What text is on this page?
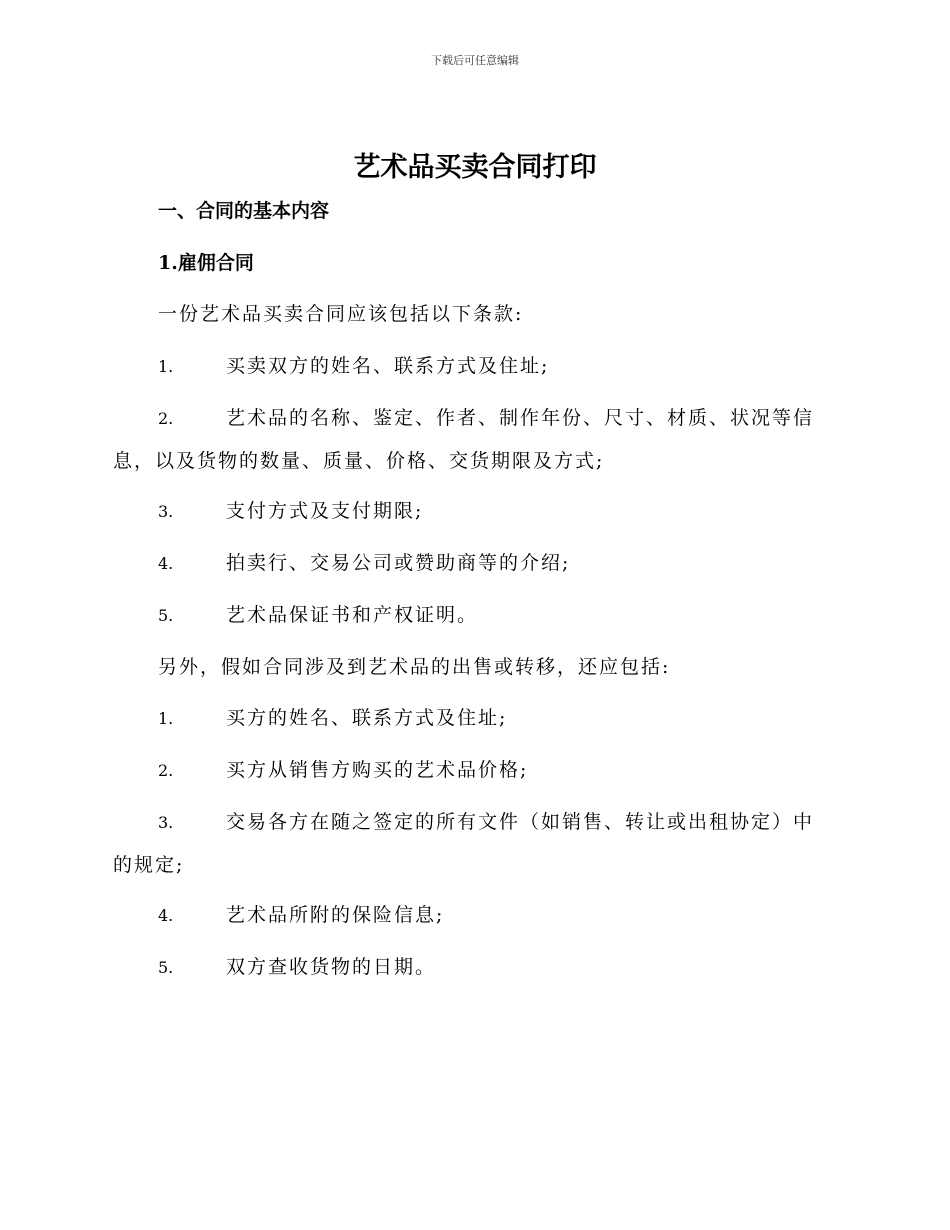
下载后可任意编辑
艺术品买卖合同打印
一、合同的基本内容
1.雇佣合同
一份艺术品买卖合同应该包括以下条款:
1.	买卖双方的姓名、联系方式及住址;
2.	艺术品的名称、鉴定、作者、制作年份、尺寸、材质、状况等信
息，以及货物的数量、质量、价格、交货期限及方式;
3.	支付方式及支付期限;
4.	拍卖行、交易公司或赞助商等的介绍;
5.	艺术品保证书和产权证明。
另外，假如合同涉及到艺术品的出售或转移，还应包括:
1.	买方的姓名、联系方式及住址;
2.	买方从销售方购买的艺术品价格;
3.	交易各方在随之签定的所有文件（如销售、转让或出租协定）中
的规定;
4.	艺术品所附的保险信息;
5.	双方查收货物的日期。
